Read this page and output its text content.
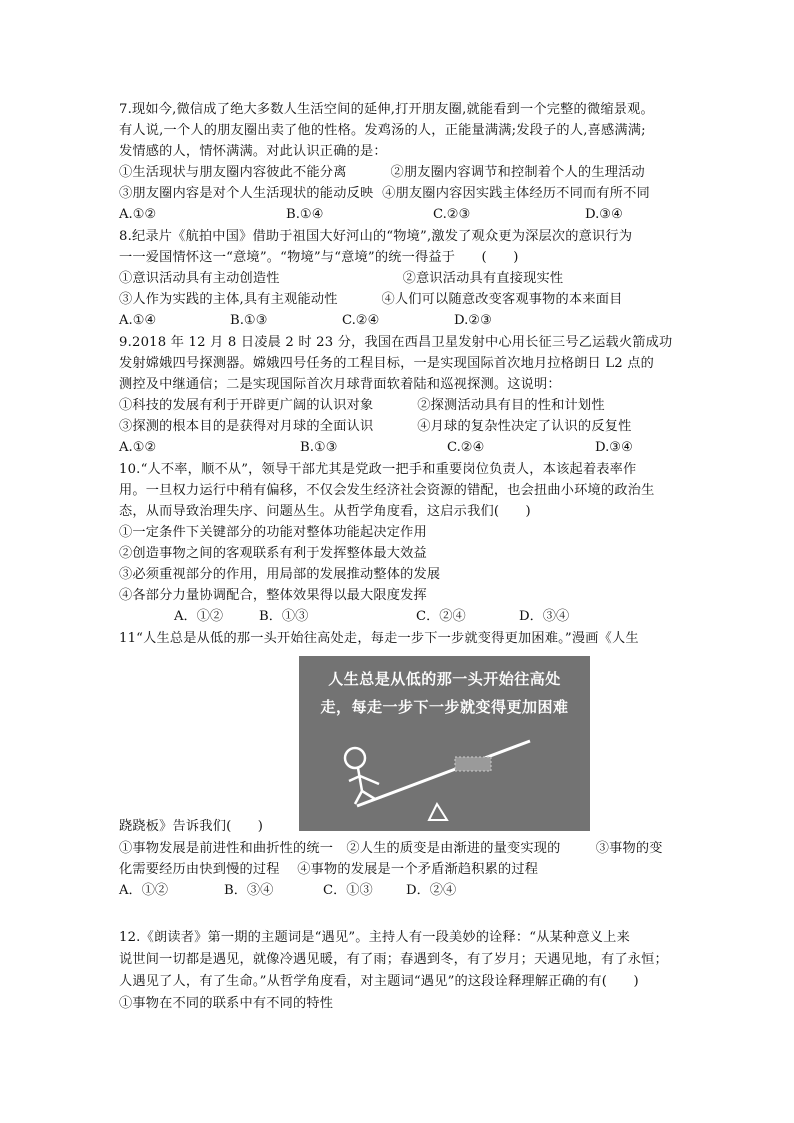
7.现如今,微信成了绝大多数人生活空间的延伸,打开朋友圈,就能看到一个完整的微缩景观。
有人说,一个人的朋友圈出卖了他的性格。发鸡汤的人，正能量满满;发段子的人,喜感满满;
发情感的人，情怀满满。对此认识正确的是：
①生活现状与朋友圈内容彼此不能分离          ②朋友圈内容调节和控制着个人的生理活动
③朋友圈内容是对个人生活现状的能动反映  ④朋友圈内容因实践主体经历不同而有所不同
A.①②	B.①④	C.②③	D.③④
8.纪录片《航拍中国》借助于祖国大好河山的“物境”,激发了观众更为深层次的意识行为
一一爱国情怀这一“意境”。“物境”与“意境”的统一得益于      (      )
①意识活动具有主动创造性                            ②意识活动具有直接现实性
③人作为实践的主体,具有主观能动性          ④人们可以随意改变客观事物的本来面目
A.①④	B.①③	C.②④	D.②③
9.2018 年 12 月 8 日凌晨 2 时 23 分，我国在西昌卫星发射中心用长征三号乙运载火箭成功
发射嫦娥四号探测器。嫦娥四号任务的工程目标，一是实现国际首次地月拉格朗日 L2 点的
测控及中继通信；二是实现国际首次月球背面软着陆和巡视探测。这说明：
①科技的发展有利于开辟更广阔的认识对象          ②探测活动具有目的性和计划性
③探测的根本目的是获得对月球的全面认识          ④月球的复杂性决定了认识的反复性
A.①②	B.①③	C.②④	D.③④
10.“人不率，顺不从”，领导干部尤其是党政一把手和重要岗位负责人，本该起着表率作
用。一旦权力运行中稍有偏移，不仅会发生经济社会资源的错配，也会扭曲小环境的政治生
态，从而导致治理失序、问题丛生。从哲学角度看，这启示我们(      )
①一定条件下关键部分的功能对整体功能起决定作用
②创造事物之间的客观联系有利于发挥整体最大效益
③必须重视部分的作用，用局部的发展推动整体的发展
④各部分力量协调配合，整体效果得以最大限度发挥
A．①②	B．①③	C．②④	D．③④
11“人生总是从低的那一头开始往高处走，每走一步下一步就变得更加困难。”漫画《人生
人生总是从低的那一头开始往高处
走，每走一步下一步就变得更加困难
跷跷板》告诉我们(      )
①事物发展是前进性和曲折性的统一   ②人生的质变是由渐进的量变实现的        ③事物的变
化需要经历由快到慢的过程    ④事物的发展是一个矛盾渐趋积累的过程
A．①②	B．③④	C．①③	D．②④
12.《朗读者》第一期的主题词是“遇见”。主持人有一段美妙的诠释：“从某种意义上来
说世间一切都是遇见，就像冷遇见暖，有了雨；春遇到冬，有了岁月；天遇见地，有了永恒；
人遇见了人，有了生命。”从哲学角度看，对主题词“遇见”的这段诠释理解正确的有(      )
①事物在不同的联系中有不同的特性
